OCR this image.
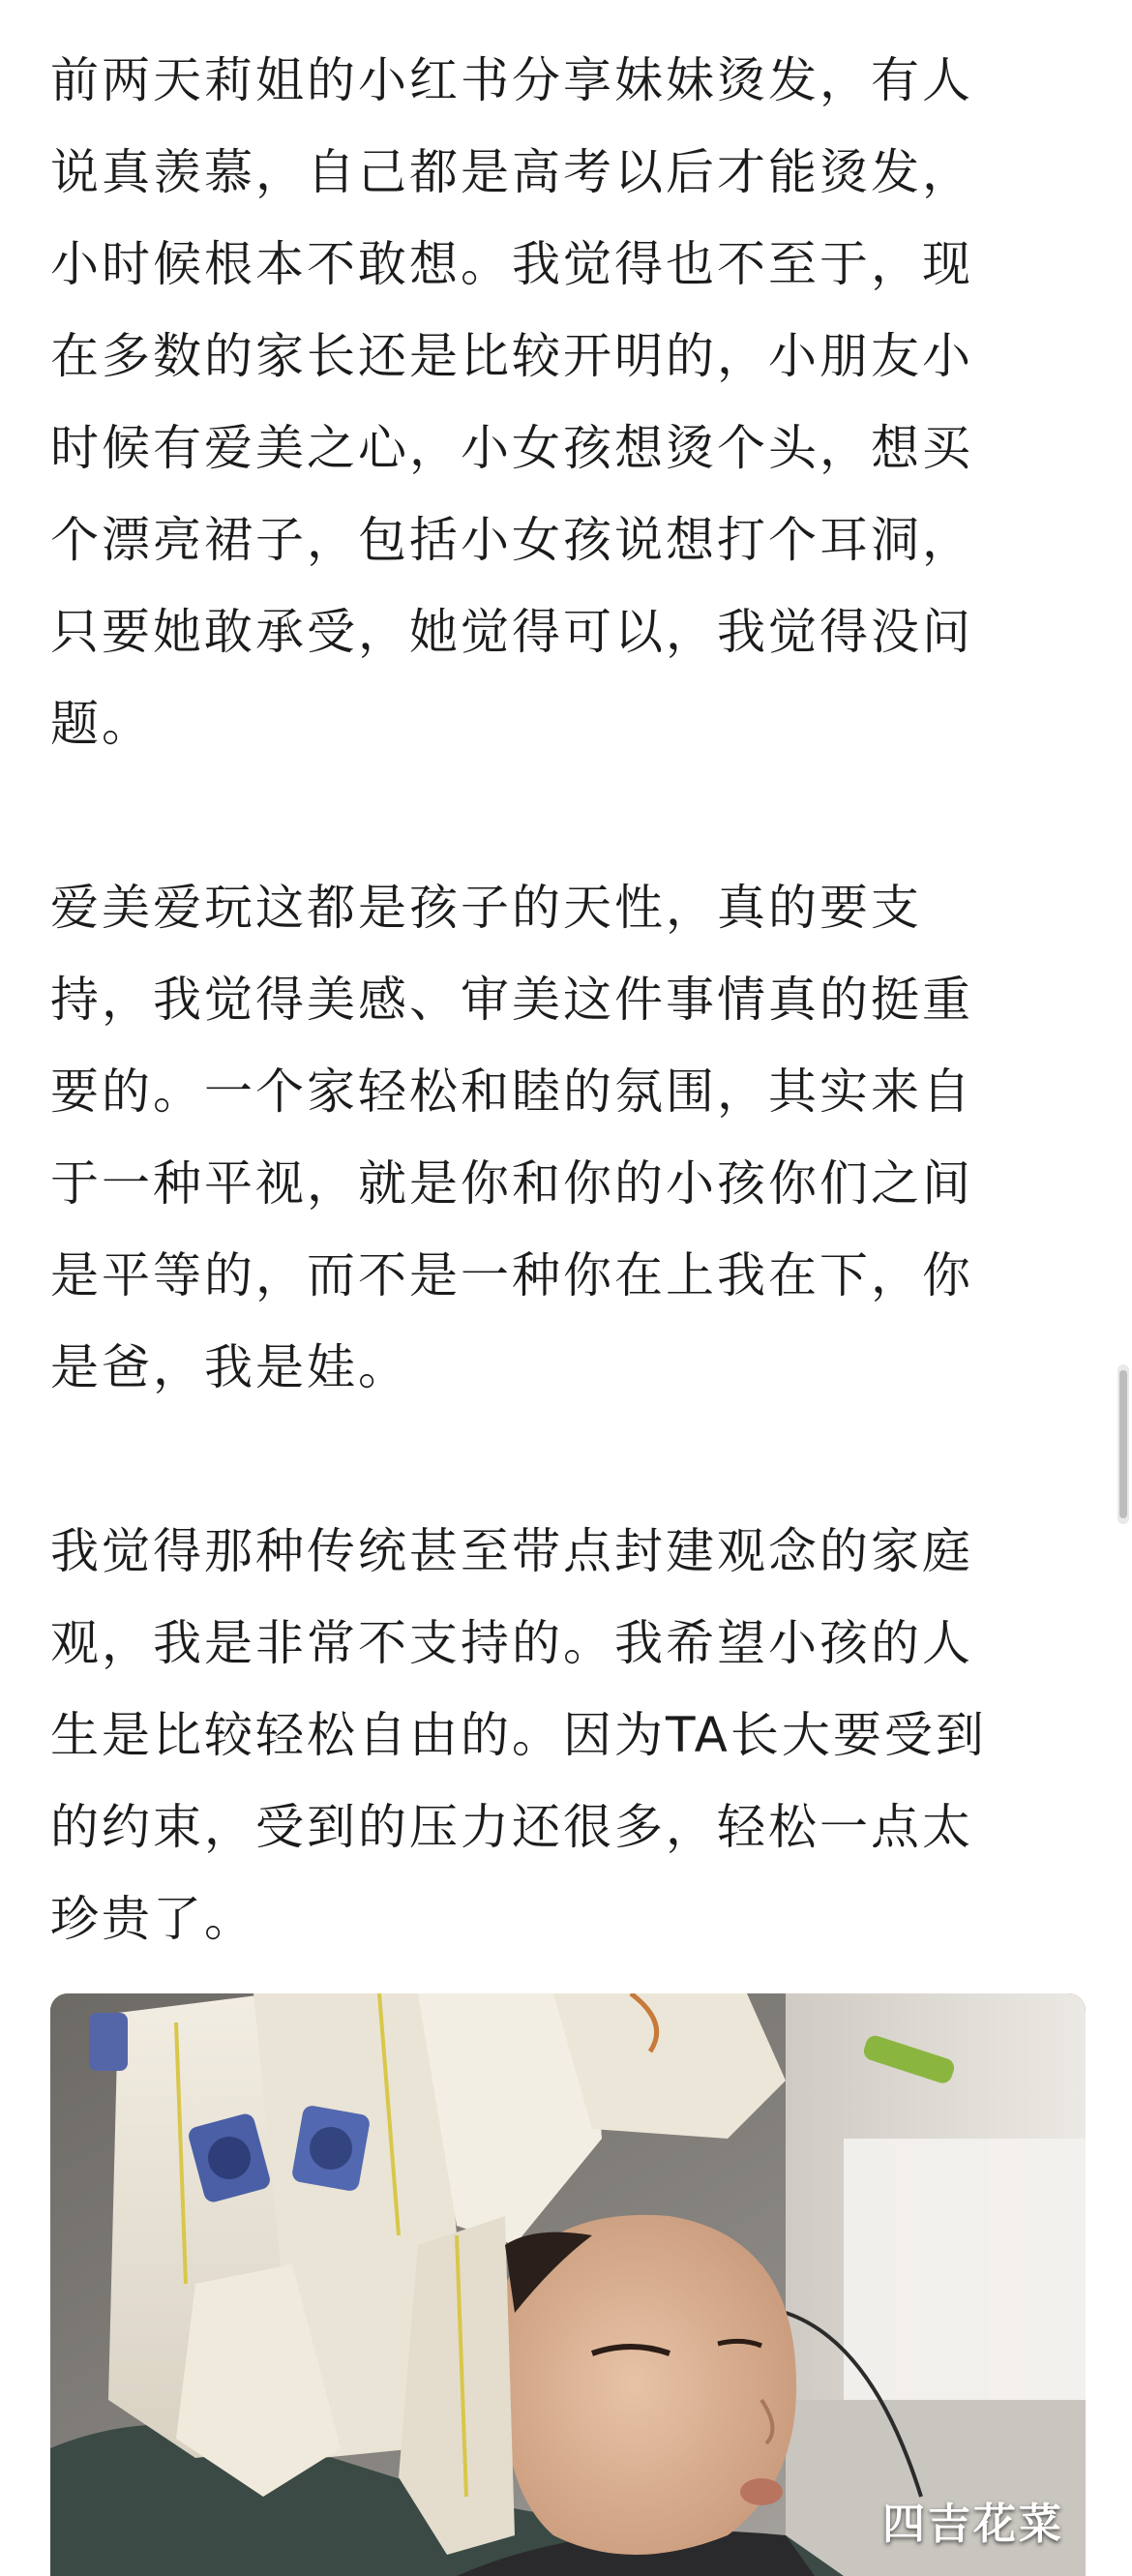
前两天莉姐的小红书分享妹妹烫发，有人
说真羡慕，自己都是高考以后才能烫发，
小时候根本不敢想。我觉得也不至于，现
在多数的家长还是比较开明的，小朋友小
时候有爱美之心，小女孩想烫个头，想买
个漂亮裙子，包括小女孩说想打个耳洞，
只要她敢承受，她觉得可以，我觉得没问
题。

爱美爱玩这都是孩子的天性，真的要支
持，我觉得美感、审美这件事情真的挺重
要的。一个家轻松和睦的氛围，其实来自
于一种平视，就是你和你的小孩你们之间
是平等的，而不是一种你在上我在下，你
是爸，我是娃。

我觉得那种传统甚至带点封建观念的家庭
观，我是非常不支持的。我希望小孩的人
生是比较轻松自由的。因为TA长大要受到
的约束，受到的压力还很多，轻松一点太
珍贵了。

四吉花菜
